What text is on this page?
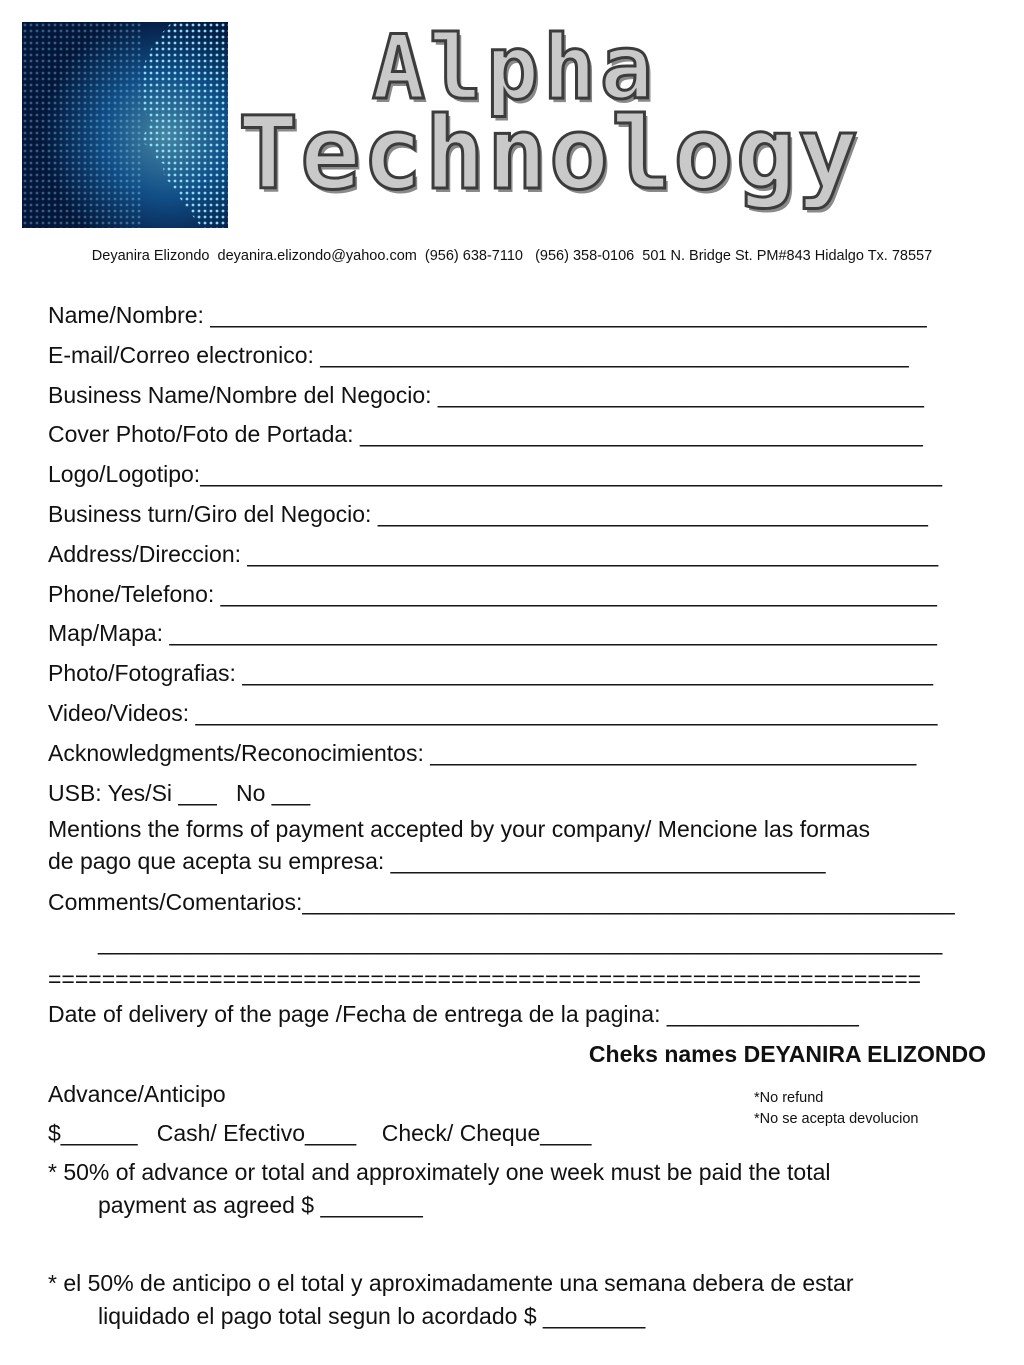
Alpha
Technology
Deyanira Elizondo  deyanira.elizondo@yahoo.com  (956) 638-7110   (956) 358-0106  501 N. Bridge St. PM#843 Hidalgo Tx. 78557
Name/Nombre: ________________________________________________________
E-mail/Correo electronico: ______________________________________________
Business Name/Nombre del Negocio: ______________________________________
Cover Photo/Foto de Portada: ____________________________________________
Logo/Logotipo:__________________________________________________________
Business turn/Giro del Negocio: ___________________________________________
Address/Direccion: ______________________________________________________
Phone/Telefono: ________________________________________________________
Map/Mapa: ____________________________________________________________
Photo/Fotografias: ______________________________________________________
Video/Videos: __________________________________________________________
Acknowledgments/Reconocimientos: ______________________________________
USB: Yes/Si ___   No ___
Mentions the forms of payment accepted by your company/ Mencione las formas
de pago que acepta su empresa: __________________________________
Comments/Comentarios:___________________________________________________
__________________________________________________________________
=================================================================
Date of delivery of the page /Fecha de entrega de la pagina: _______________
Cheks names DEYANIRA ELIZONDO
Advance/Anticipo
$______   Cash/ Efectivo____    Check/ Cheque____
* 50% of advance or total and approximately one week must be paid the total
payment as agreed $ ________
* el 50% de anticipo o el total y aproximadamente una semana debera de estar
liquidado el pago total segun lo acordado $ ________
*No refund
*No se acepta devolucion
